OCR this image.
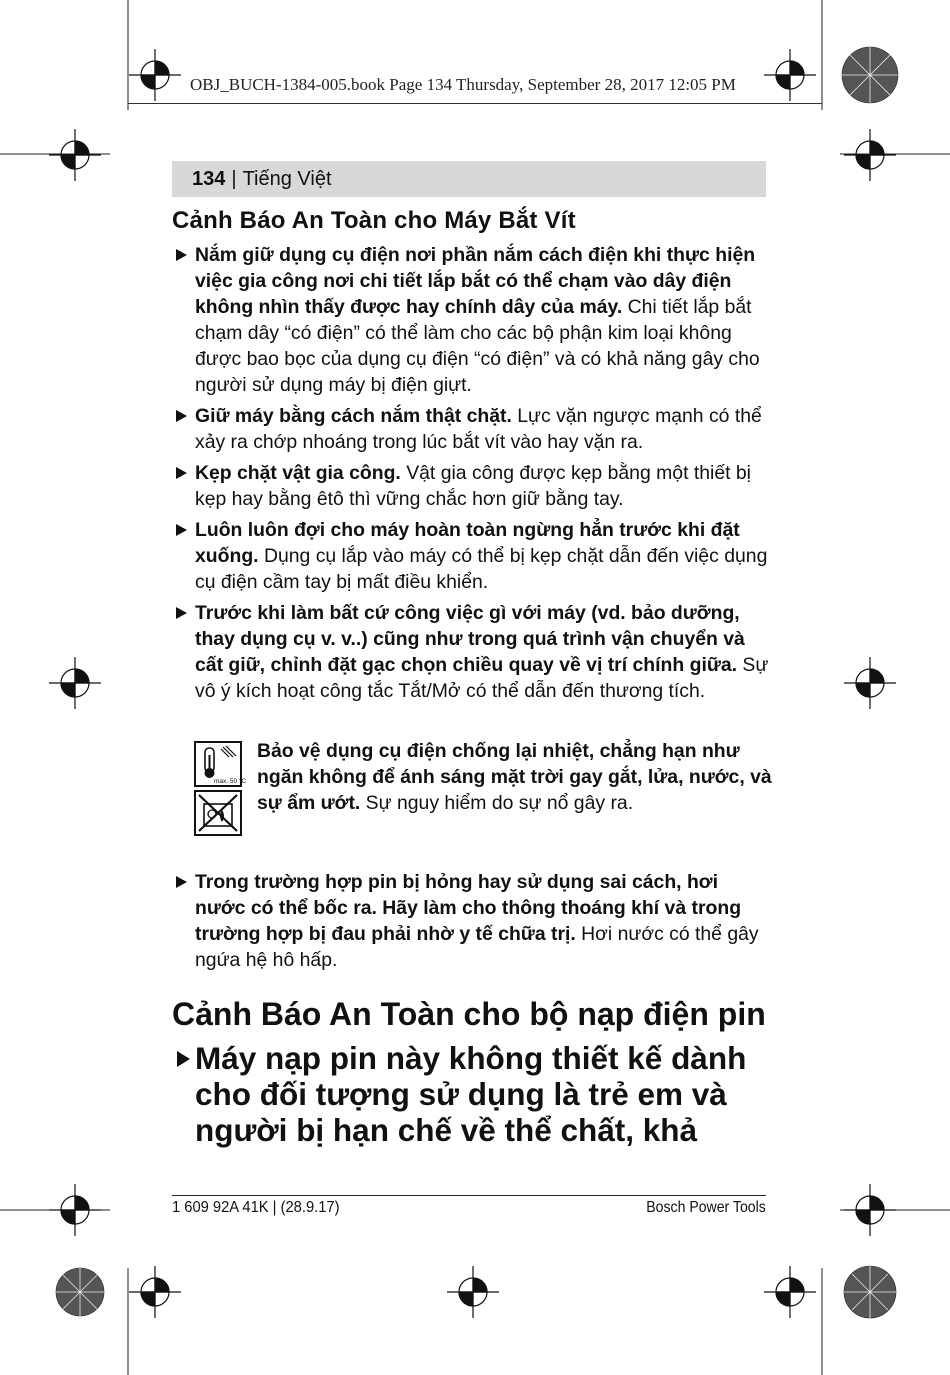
OBJ_BUCH-1384-005.book Page 134 Thursday, September 28, 2017 12:05 PM
134 | Tiếng Việt
Cảnh Báo An Toàn cho Máy Bắt Vít

Nắm giữ dụng cụ điện nơi phần nắm cách điện khi thực hiện việc gia công nơi chi tiết lắp bắt có thể chạm vào dây điện không nhìn thấy được hay chính dây của máy. Chi tiết lắp bắt chạm dây “có điện” có thể làm cho các bộ phận kim loại không được bao bọc của dụng cụ điện “có điện” và có khả năng gây cho người sử dụng máy bị điện giựt.

Giữ máy bằng cách nắm thật chặt. Lực vặn ngược mạnh có thể xảy ra chớp nhoáng trong lúc bắt vít vào hay vặn ra.

Kẹp chặt vật gia công. Vật gia công được kẹp bằng một thiết bị kẹp hay bằng êtô thì vững chắc hơn giữ bằng tay.

Luôn luôn đợi cho máy hoàn toàn ngừng hẳn trước khi đặt xuống. Dụng cụ lắp vào máy có thể bị kẹp chặt dẫn đến việc dụng cụ điện cầm tay bị mất điều khiển.

Trước khi làm bất cứ công việc gì với máy (vd. bảo dưỡng, thay dụng cụ v. v..) cũng như trong quá trình vận chuyển và cất giữ, chỉnh đặt gạc chọn chiều quay về vị trí chính giữa. Sự vô ý kích hoạt công tắc Tắt/Mở có thể dẫn đến thương tích.

max. 50 °C
Bảo vệ dụng cụ điện chống lại nhiệt, chẳng hạn như ngăn không để ánh sáng mặt trời gay gắt, lửa, nước, và sự ẩm ướt. Sự nguy hiểm do sự nổ gây ra.

Trong trường hợp pin bị hỏng hay sử dụng sai cách, hơi nước có thể bốc ra. Hãy làm cho thông thoáng khí và trong trường hợp bị đau phải nhờ y tế chữa trị. Hơi nước có thể gây ngứa hệ hô hấp.

Cảnh Báo An Toàn cho bộ nạp điện pin
Máy nạp pin này không thiết kế dành cho đối tượng sử dụng là trẻ em và người bị hạn chế về thể chất, khả
1 609 92A 41K | (28.9.17)	Bosch Power Tools
